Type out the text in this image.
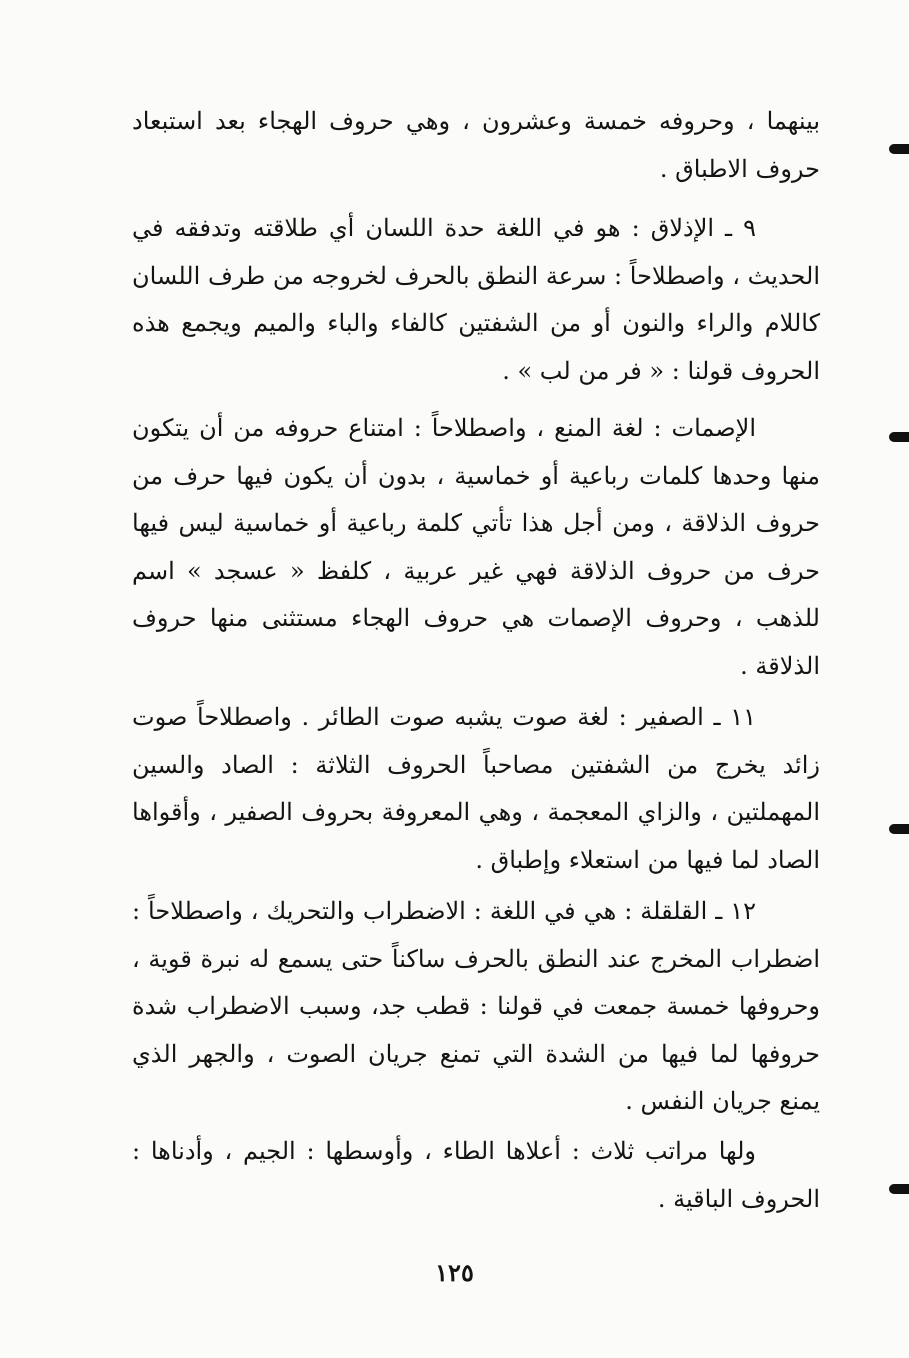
بينهما ، وحروفه خمسة وعشرون ، وهي حروف الهجاء بعد استبعاد حروف الاطباق .

٩ ـ الإذلاق : هو في اللغة حدة اللسان أي طلاقته وتدفقه في الحديث ، واصطلاحاً : سرعة النطق بالحرف لخروجه من طرف اللسان كاللام والراء والنون أو من الشفتين كالفاء والباء والميم ويجمع هذه الحروف قولنا : « فر من لب » .

الإصمات : لغة المنع ، واصطلاحاً : امتناع حروفه من أن يتكون منها وحدها كلمات رباعية أو خماسية ، بدون أن يكون فيها حرف من حروف الذلاقة ، ومن أجل هذا تأتي كلمة رباعية أو خماسية ليس فيها حرف من حروف الذلاقة فهي غير عربية ، كلفظ « عسجد » اسم للذهب ، وحروف الإصمات هي حروف الهجاء مستثنى منها حروف الذلاقة .

١١ ـ الصفير : لغة صوت يشبه صوت الطائر . واصطلاحاً صوت زائد يخرج من الشفتين مصاحباً الحروف الثلاثة : الصاد والسين المهملتين ، والزاي المعجمة ، وهي المعروفة بحروف الصفير ، وأقواها الصاد لما فيها من استعلاء وإطباق .

١٢ ـ القلقلة : هي في اللغة : الاضطراب والتحريك ، واصطلاحاً : اضطراب المخرج عند النطق بالحرف ساكناً حتى يسمع له نبرة قوية ، وحروفها خمسة جمعت في قولنا : قطب جد، وسبب الاضطراب شدة حروفها لما فيها من الشدة التي تمنع جريان الصوت ، والجهر الذي يمنع جريان النفس .

ولها مراتب ثلاث : أعلاها الطاء ، وأوسطها : الجيم ، وأدناها : الحروف الباقية .

١٢٥
